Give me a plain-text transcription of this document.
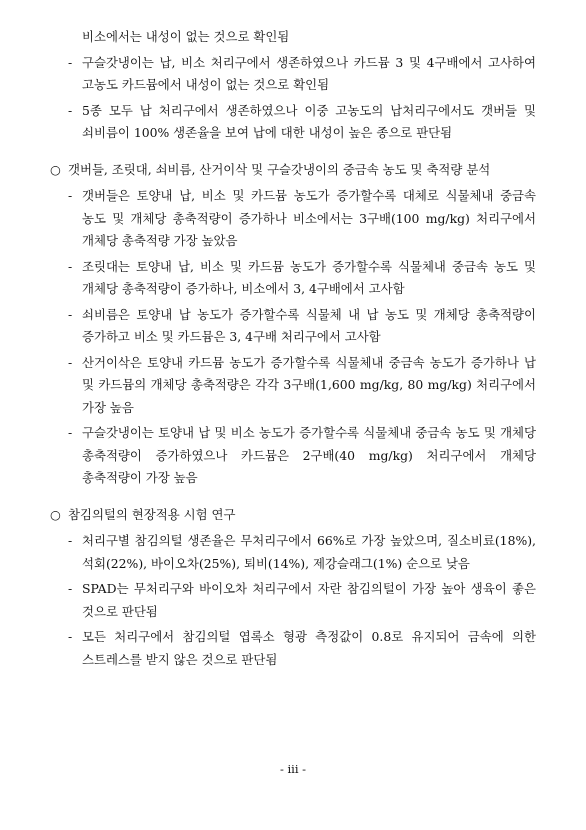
비소에서는 내성이 없는 것으로 확인됨
- 구슬갓냉이는 납, 비소 처리구에서 생존하였으나 카드뮴 3 및 4구배에서 고사하여 고농도 카드뮴에서 내성이 없는 것으로 확인됨
- 5종 모두 납 처리구에서 생존하였으나 이중 고농도의 납처리구에서도 갯버들 및 쇠비름이 100% 생존율을 보여 납에 대한 내성이 높은 종으로 판단됨
○ 갯버들, 조릿대, 쇠비름, 산거이삭 및 구슬갓냉이의 중금속 농도 및 축적량 분석
- 갯버들은 토양내 납, 비소 및 카드뮴 농도가 증가할수록 대체로 식물체내 중금속 농도 및 개체당 총축적량이 증가하나 비소에서는 3구배(100 mg/kg) 처리구에서 개체당 총축적량 가장 높았음
- 조릿대는 토양내 납, 비소 및 카드뮴 농도가 증가할수록 식물체내 중금속 농도 및 개체당 총축적량이 증가하나, 비소에서 3, 4구배에서 고사함
- 쇠비름은 토양내 납 농도가 증가할수록 식물체 내 납 농도 및 개체당 총축적량이 증가하고 비소 및 카드뮴은 3, 4구배 처리구에서 고사함
- 산거이삭은 토양내 카드뮴 농도가 증가할수록 식물체내 중금속 농도가 증가하나 납 및 카드뮴의 개체당 총축적량은 각각 3구배(1,600 mg/kg, 80 mg/kg) 처리구에서 가장 높음
- 구슬갓냉이는 토양내 납 및 비소 농도가 증가할수록 식물체내 중금속 농도 및 개체당 총축적량이 증가하였으나 카드뮴은 2구배(40 mg/kg) 처리구에서 개체당 총축적량이 가장 높음
○ 참김의털의 현장적용 시험 연구
- 처리구별 참김의털 생존율은 무처리구에서 66%로 가장 높았으며, 질소비료(18%), 석회(22%), 바이오차(25%), 퇴비(14%), 제강슬래그(1%) 순으로 낮음
- SPAD는 무처리구와 바이오차 처리구에서 자란 참김의털이 가장 높아 생육이 좋은 것으로 판단됨
- 모든 처리구에서 참김의털 엽록소 형광 측정값이 0.8로 유지되어 금속에 의한 스트레스를 받지 않은 것으로 판단됨
- iii -
